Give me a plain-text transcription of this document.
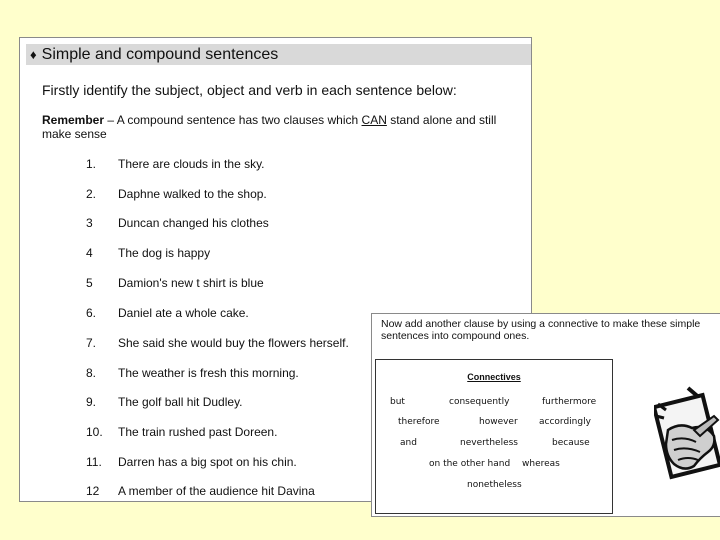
♦ Simple and compound sentences
Firstly identify the subject, object and verb in each sentence below:
Remember – A compound sentence has two clauses which CAN stand alone and still make sense
1. There are clouds in the sky.
2. Daphne walked to the shop.
3 Duncan changed his clothes
4 The dog is happy
5 Damion's new t shirt is blue
6. Daniel ate a whole cake.
7. She said she would buy the flowers herself.
8. The weather is fresh this morning.
9. The golf ball hit Dudley.
10. The train rushed past Doreen.
11. Darren has a big spot on his chin.
12 A member of the audience hit Davina
Now add another clause by using a connective to make these simple sentences into compound ones.
Connectives
but	consequently	furthermore
therefore	however accordingly
and	nevertheless	because
on the other hand whereas
nonetheless
